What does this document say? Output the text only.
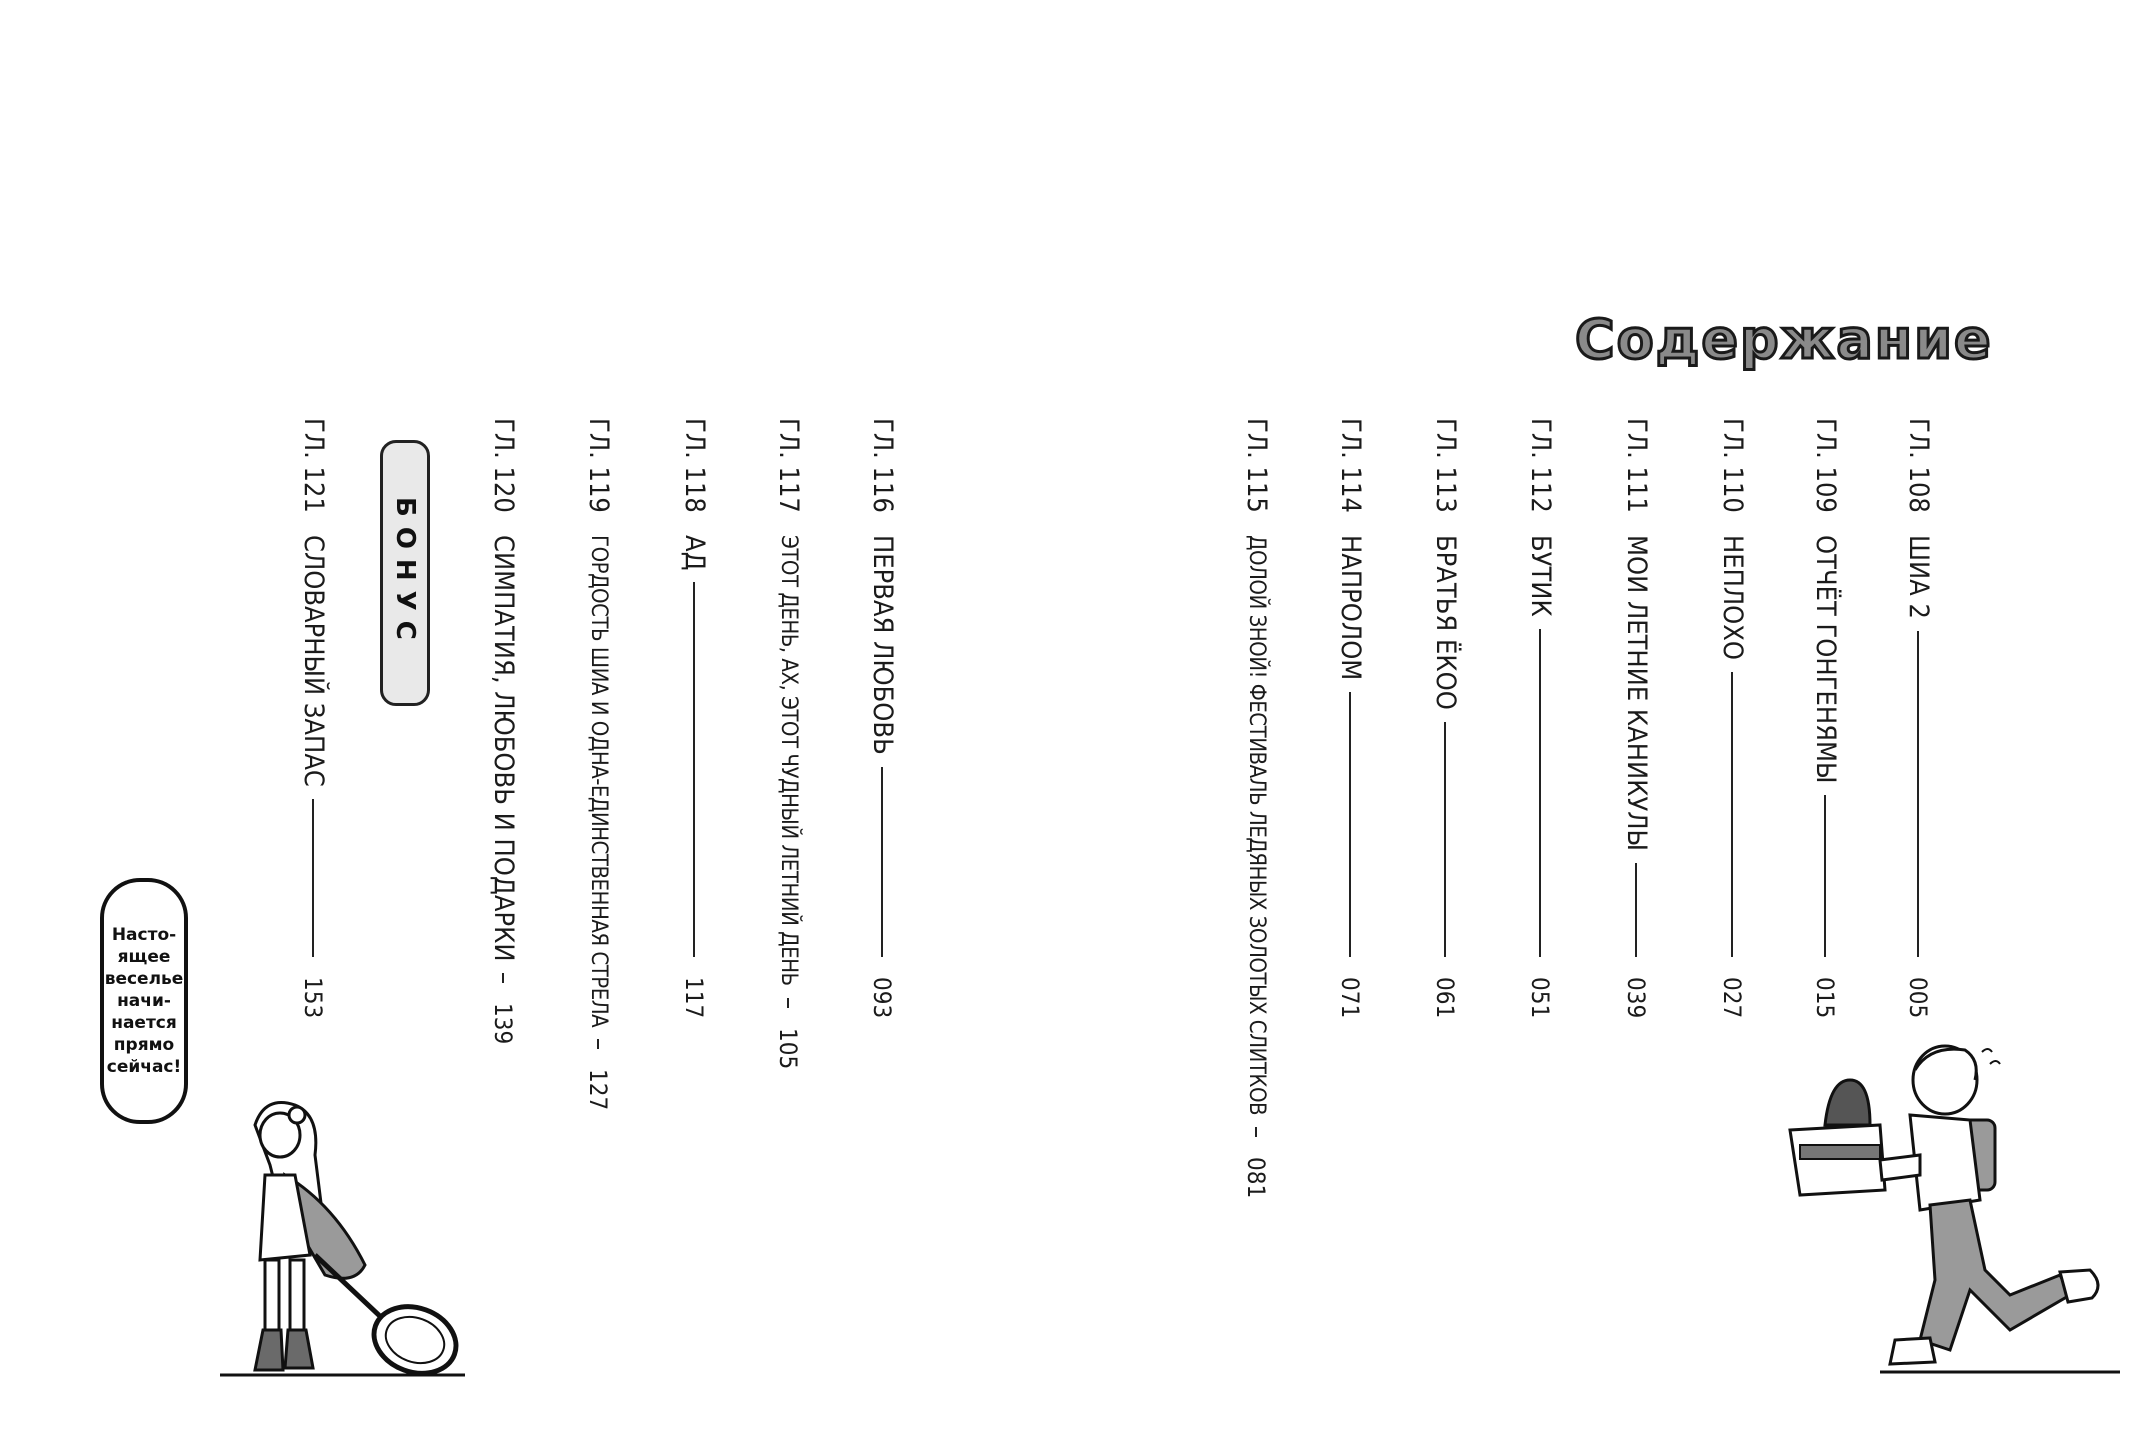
Содержание
ГЛ. 108
ШИА 2
005
ГЛ. 109
ОТЧЁТ ГОНГЕНЯМЫ
015
ГЛ. 110
НЕПЛОХО
027
ГЛ. 111
МОИ ЛЕТНИЕ КАНИКУЛЫ
039
ГЛ. 112
БУТИК
051
ГЛ. 113
БРАТЬЯ ЁКОО
061
ГЛ. 114
НАПРОЛОМ
071
ГЛ. 115
ДОЛОЙ ЗНОЙ! ФЕСТИВАЛЬ ЛЕДЯНЫХ ЗОЛОТЫХ СЛИТКОВ
081
ГЛ. 116
ПЕРВАЯ ЛЮБОВЬ
093
ГЛ. 117
ЭТОТ ДЕНЬ, АХ, ЭТОТ ЧУДНЫЙ ЛЕТНИЙ ДЕНЬ
105
ГЛ. 118
АД
117
ГЛ. 119
ГОРДОСТЬ ШИА И ОДНА-ЕДИНСТВЕННАЯ СТРЕЛА
127
ГЛ. 120
СИМПАТИЯ, ЛЮБОВЬ И ПОДАРКИ
139
БОНУС
ГЛ. 121
СЛОВАРНЫЙ ЗАПАС
153
Насто-
ящее
веселье
начи-
нается
прямо
сейчас!
